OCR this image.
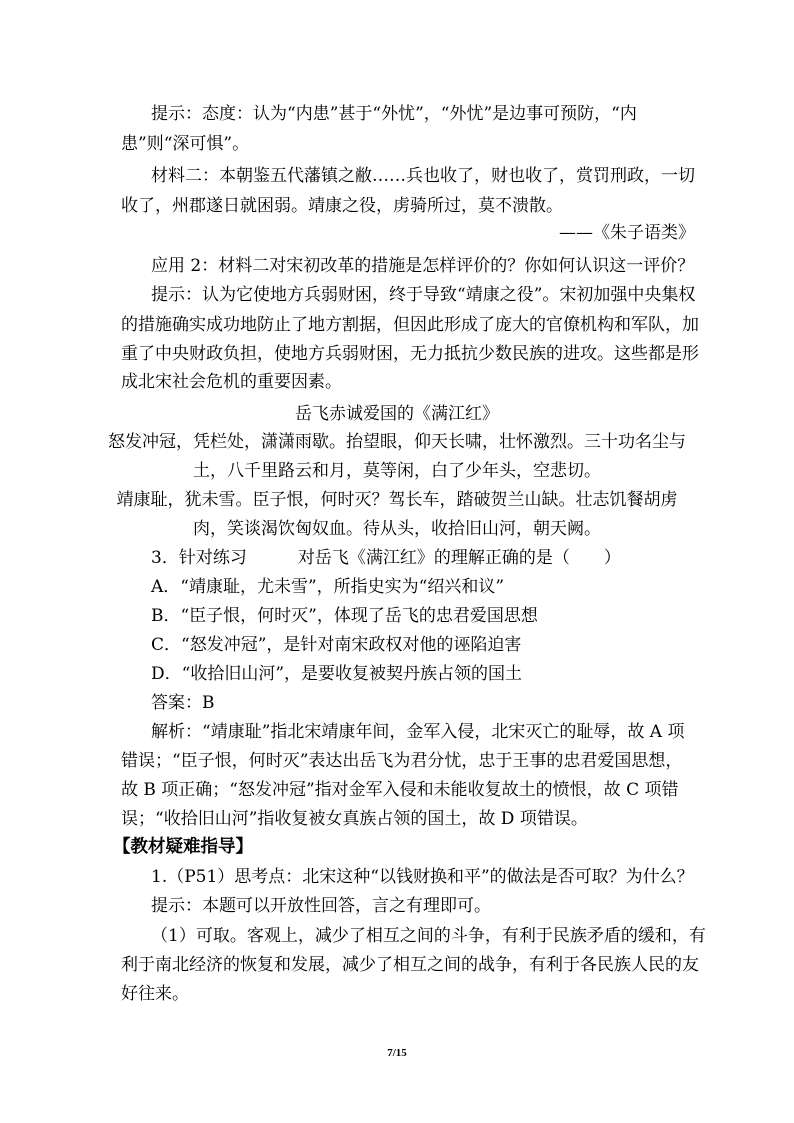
提示：态度：认为“内患”甚于“外忧”，“外忧”是边事可预防，“内
患”则“深可惧”。
材料二：本朝鉴五代藩镇之敝……兵也收了，财也收了，赏罚刑政，一切
收了，州郡遂日就困弱。靖康之役，虏骑所过，莫不溃散。
——《朱子语类》
应用 2：材料二对宋初改革的措施是怎样评价的？你如何认识这一评价？
提示：认为它使地方兵弱财困，终于导致“靖康之役”。宋初加强中央集权
的措施确实成功地防止了地方割据，但因此形成了庞大的官僚机构和军队，加
重了中央财政负担，使地方兵弱财困，无力抵抗少数民族的进攻。这些都是形
成北宋社会危机的重要因素。
岳飞赤诚爱国的《满江红》
怒发冲冠，凭栏处，潇潇雨歇。抬望眼，仰天长啸，壮怀激烈。三十功名尘与
土，八千里路云和月，莫等闲，白了少年头，空悲切。
靖康耻，犹未雪。臣子恨，何时灭？驾长车，踏破贺兰山缺。壮志饥餐胡虏
肉，笑谈渴饮匈奴血。待从头，收拾旧山河，朝天阙。
3．针对练习　　　对岳飞《满江红》的理解正确的是（　　）
A．“靖康耻，尤未雪”，所指史实为“绍兴和议”
B．“臣子恨，何时灭”，体现了岳飞的忠君爱国思想
C．“怒发冲冠”，是针对南宋政权对他的诬陷迫害
D．“收拾旧山河”，是要收复被契丹族占领的国土
答案：B
解析：“靖康耻”指北宋靖康年间，金军入侵，北宋灭亡的耻辱，故 A 项
错误；“臣子恨，何时灭”表达出岳飞为君分忧，忠于王事的忠君爱国思想，
故 B 项正确；“怒发冲冠”指对金军入侵和未能收复故土的愤恨，故 C 项错
误；“收拾旧山河”指收复被女真族占领的国土，故 D 项错误。
【教材疑难指导】
1.（P51）思考点：北宋这种“以钱财换和平”的做法是否可取？为什么？
提示：本题可以开放性回答，言之有理即可。
（1）可取。客观上，减少了相互之间的斗争，有利于民族矛盾的缓和，有
利于南北经济的恢复和发展，减少了相互之间的战争，有利于各民族人民的友
好往来。
7/15
